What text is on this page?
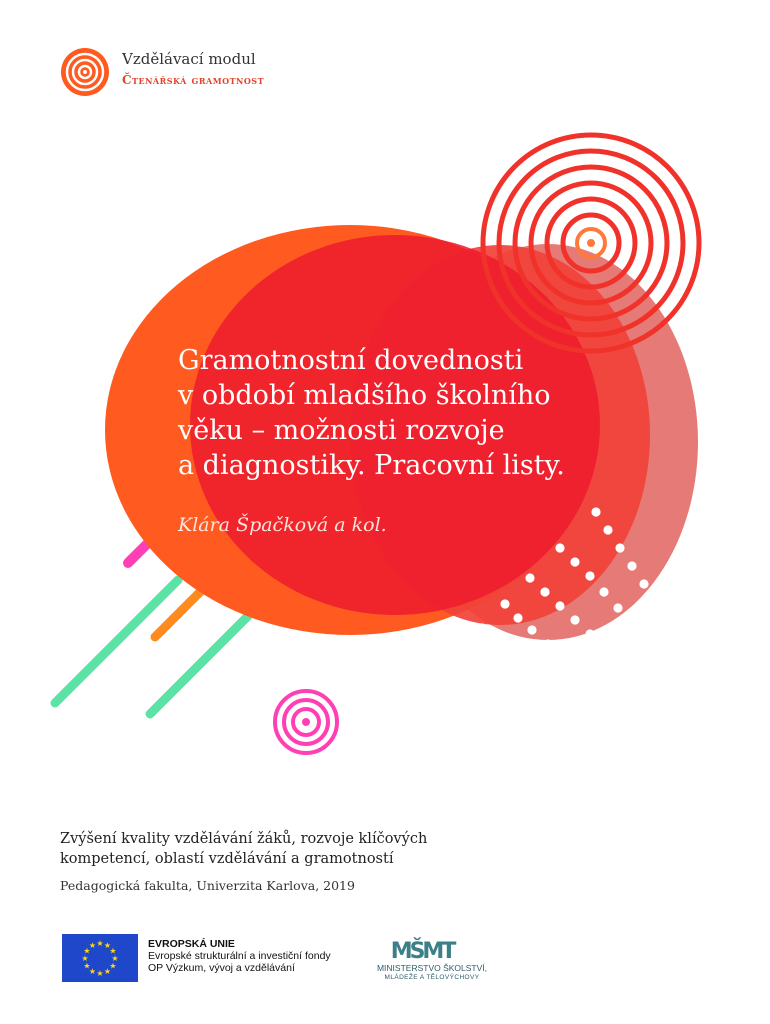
Vzdělávací modul
Čtenářská gramotnost
Gramotnostní dovednosti
v období mladšího školního
věku – možnosti rozvoje
a diagnostiky. Pracovní listy.
Klára Špačková a kol.
Zvýšení kvality vzdělávání žáků, rozvoje klíčových
kompetencí, oblastí vzdělávání a gramotností
Pedagogická fakulta, Univerzita Karlova, 2019
★ ★
★
★
★
★
★
★
★
★
★
★	EVROPSKÁ UNIE
Evropské strukturální a investiční fondy
OP Výzkum, vývoj a vzdělávání
MŠMT
MINISTERSTVO ŠKOLSTVÍ,
MLÁDEŽE A TĚLOVÝCHOVY
